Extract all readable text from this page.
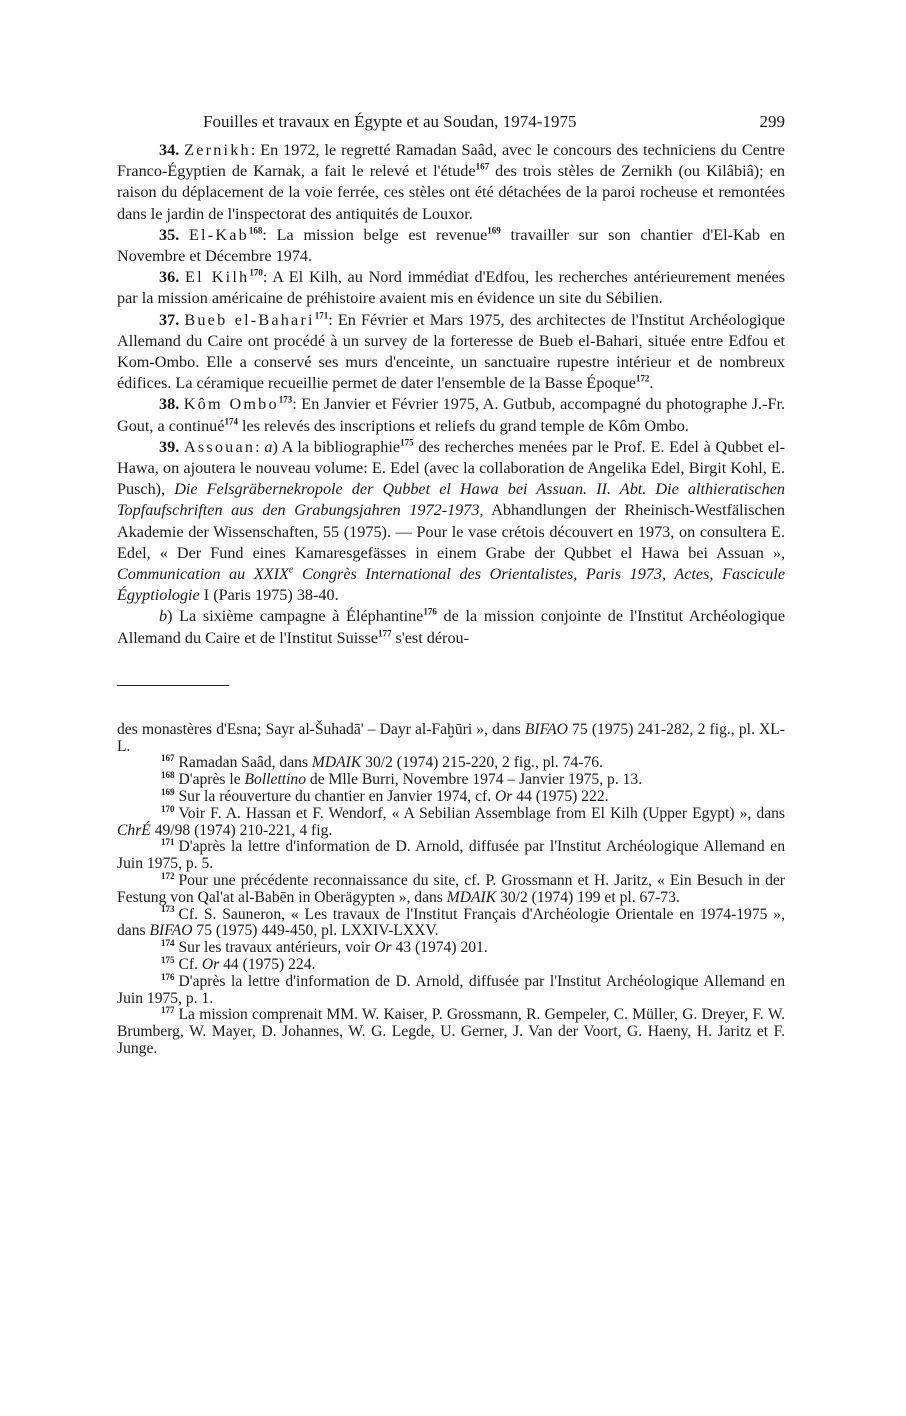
Fouilles et travaux en Égypte et au Soudan, 1974-1975	299

34. Zernikh: En 1972, le regretté Ramadan Saâd, avec le concours des techniciens du Centre Franco-Égyptien de Karnak, a fait le relevé et l'étude$^{167}$ des trois stèles de Zernikh (ou Kilâbiâ); en raison du déplacement de la voie ferrée, ces stèles ont été détachées de la paroi rocheuse et remontées dans le jardin de l'inspectorat des antiquités de Louxor.

35. El-Kab$^{168}$: La mission belge est revenue$^{169}$ travailler sur son chantier d'El-Kab en Novembre et Décembre 1974.

36. El Kilh$^{170}$: A El Kilh, au Nord immédiat d'Edfou, les recherches antérieurement menées par la mission américaine de préhistoire avaient mis en évidence un site du Sébilien.

37. Bueb el-Bahari$^{171}$: En Février et Mars 1975, des architectes de l'Institut Archéologique Allemand du Caire ont procédé à un survey de la forteresse de Bueb el-Bahari, située entre Edfou et Kom-Ombo. Elle a conservé ses murs d'enceinte, un sanctuaire rupestre intérieur et de nombreux édifices. La céramique recueillie permet de dater l'ensemble de la Basse Époque$^{172}$.

38. Kôm Ombo$^{173}$: En Janvier et Février 1975, A. Gutbub, accompagné du photographe J.-Fr. Gout, a continué$^{174}$ les relevés des inscriptions et reliefs du grand temple de Kôm Ombo.

39. Assouan: a) A la bibliographie$^{175}$ des recherches menées par le Prof. E. Edel à Qubbet el-Hawa, on ajoutera le nouveau volume: E. Edel (avec la collaboration de Angelika Edel, Birgit Kohl, E. Pusch), Die Felsgräbernekropole der Qubbet el Hawa bei Assuan. II. Abt. Die althieratischen Topfaufschriften aus den Grabungsjahren 1972-1973, Abhandlungen der Rheinisch-Westfälischen Akademie der Wissenschaften, 55 (1975). — Pour le vase crétois découvert en 1973, on consultera E. Edel, « Der Fund eines Kamaresgefässes in einem Grabe der Qubbet el Hawa bei Assuan », Communication au XXIXe Congrès International des Orientalistes, Paris 1973, Actes, Fascicule Égyptiologie I (Paris 1975) 38-40.

b) La sixième campagne à Éléphantine$^{176}$ de la mission conjointe de l'Institut Archéologique Allemand du Caire et de l'Institut Suisse$^{177}$ s'est dérou-

des monastères d'Esna; Sayr al-Šuhadā' – Dayr al-Faḫūri », dans BIFAO 75 (1975) 241-282, 2 fig., pl. XL-L.

$^{167}$ Ramadan Saâd, dans MDAIK 30/2 (1974) 215-220, 2 fig., pl. 74-76.

$^{168}$ D'après le Bollettino de Mlle Burri, Novembre 1974 – Janvier 1975, p. 13.

$^{169}$ Sur la réouverture du chantier en Janvier 1974, cf. Or 44 (1975) 222.

$^{170}$ Voir F. A. Hassan et F. Wendorf, « A Sebilian Assemblage from El Kilh (Upper Egypt) », dans ChrÉ 49/98 (1974) 210-221, 4 fig.

$^{171}$ D'après la lettre d'information de D. Arnold, diffusée par l'Institut Archéologique Allemand en Juin 1975, p. 5.

$^{172}$ Pour une précédente reconnaissance du site, cf. P. Grossmann et H. Jaritz, « Ein Besuch in der Festung von Qal'at al-Babēn in Oberägypten », dans MDAIK 30/2 (1974) 199 et pl. 67-73.

$^{173}$ Cf. S. Sauneron, « Les travaux de l'Institut Français d'Archéologie Orientale en 1974-1975 », dans BIFAO 75 (1975) 449-450, pl. LXXIV-LXXV.

$^{174}$ Sur les travaux antérieurs, voir Or 43 (1974) 201.

$^{175}$ Cf. Or 44 (1975) 224.

$^{176}$ D'après la lettre d'information de D. Arnold, diffusée par l'Institut Archéologique Allemand en Juin 1975, p. 1.

$^{177}$ La mission comprenait MM. W. Kaiser, P. Grossmann, R. Gempeler, C. Müller, G. Dreyer, F. W. Brumberg, W. Mayer, D. Johannes, W. G. Legde, U. Gerner, J. Van der Voort, G. Haeny, H. Jaritz et F. Junge.
